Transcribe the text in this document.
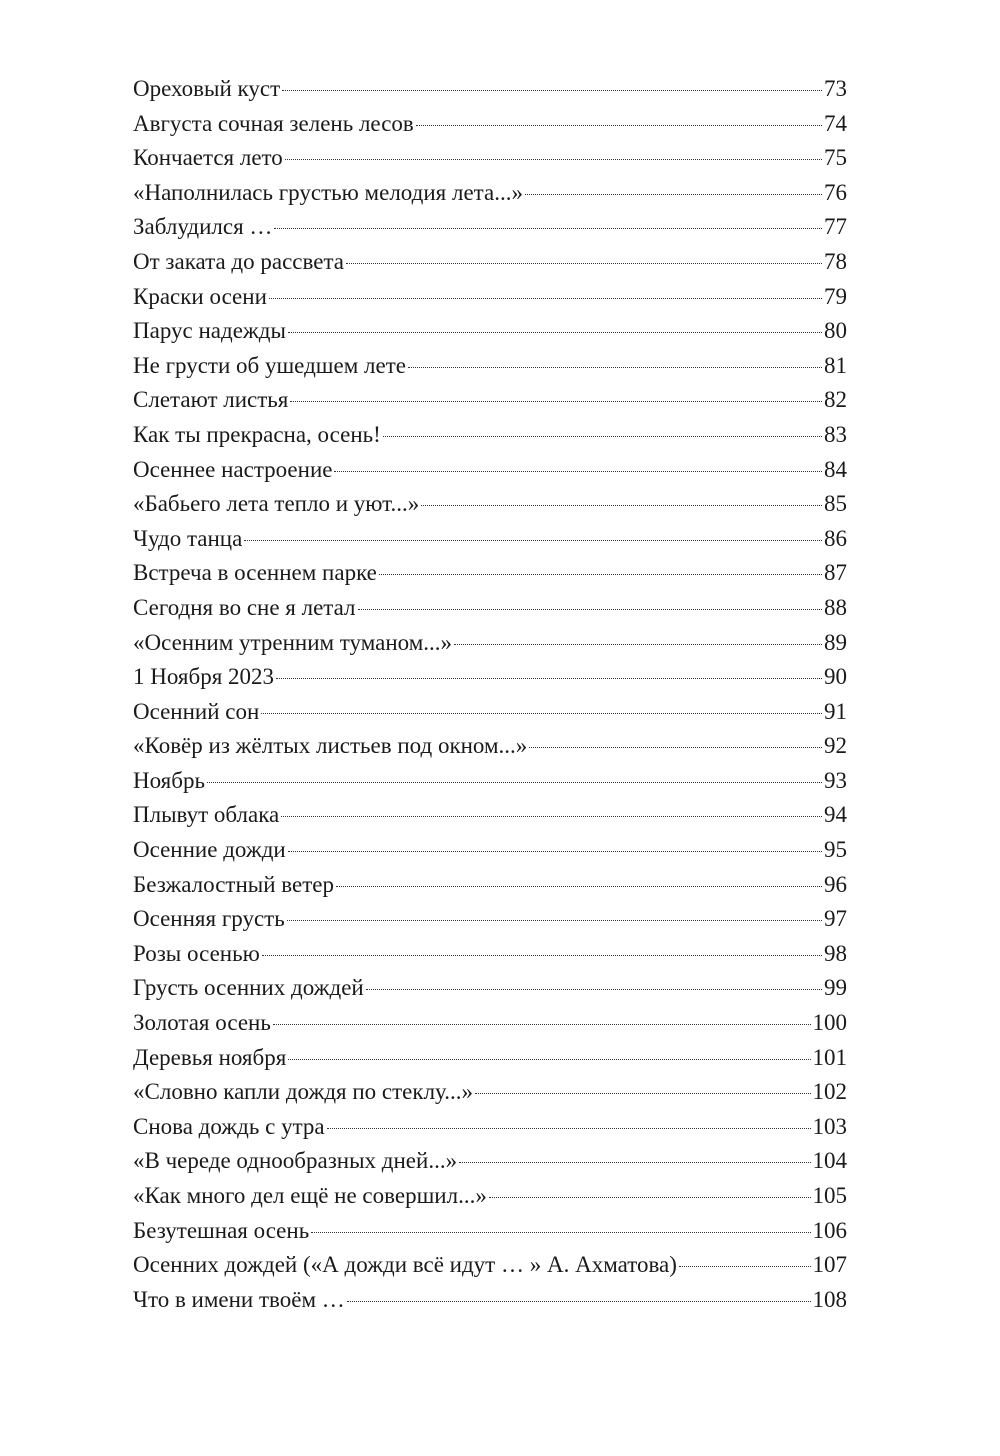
Ореховый куст	73
Августа сочная зелень лесов	74
Кончается лето	75
«Наполнилась грустью мелодия лета...»	76
Заблудился …	77
От заката до рассвета	78
Краски осени	79
Парус надежды	80
Не грусти об ушедшем лете	81
Слетают листья	82
Как ты прекрасна, осень!	83
Осеннее настроение	84
«Бабьего лета тепло и уют...»	85
Чудо танца	86
Встреча в осеннем парке	87
Сегодня во сне я летал	88
«Осенним утренним туманом...»	89
1 Ноября 2023	90
Осенний сон	91
«Ковёр из жёлтых листьев под окном...»	92
Ноябрь	93
Плывут облака	94
Осенние дожди	95
Безжалостный ветер	96
Осенняя грусть	97
Розы осенью	98
Грусть осенних дождей	99
Золотая осень	100
Деревья ноября	101
«Словно капли дождя по стеклу...»	102
Снова дождь с утра	103
«В череде однообразных дней...»	104
«Как много дел ещё не совершил...»	105
Безутешная осень	106
Осенних дождей («А дожди всё идут … » А. Ахматова)	107
Что в имени твоём …	108
